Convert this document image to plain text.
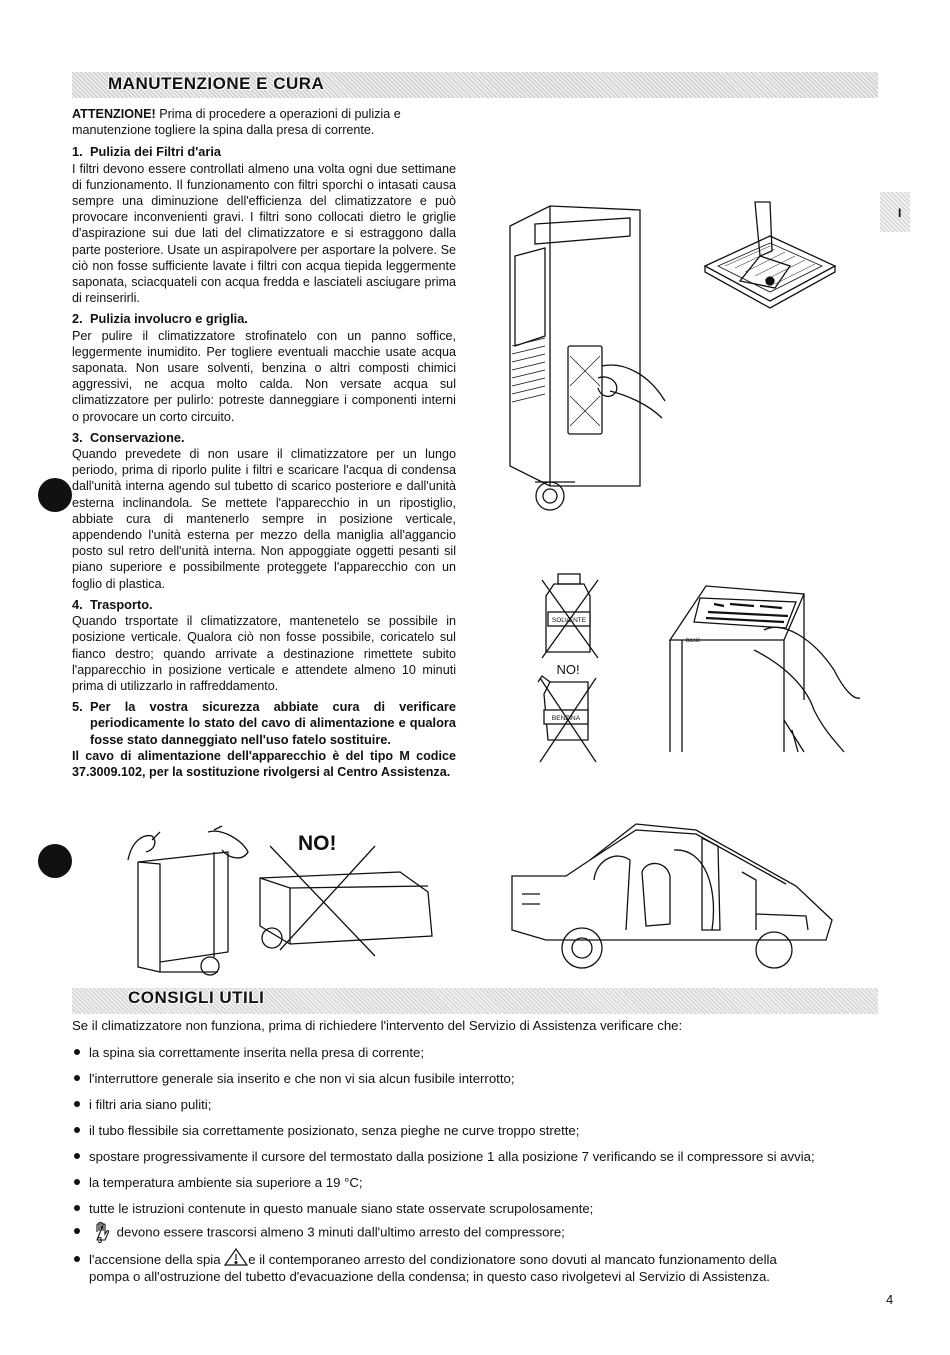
MANUTENZIONE E CURA

ATTENZIONE! Prima di procedere a operazioni di pulizia e manutenzione togliere la spina dalla presa di corrente.

1. Pulizia dei Filtri d'aria

I filtri devono essere controllati almeno una volta ogni due settimane di funzionamento. Il funzionamento con filtri sporchi o intasati causa sempre una diminuzione dell'efficienza del climatizzatore e può provocare inconvenienti gravi. I filtri sono collocati dietro le griglie d'aspirazione sui due lati del climatizzatore e si estraggono dalla parte posteriore. Usate un aspirapolvere per asportare la polvere. Se ciò non fosse sufficiente lavate i filtri con acqua tiepida leggermente saponata, sciacquateli con acqua fredda e lasciateli asciugare prima di reinserirli.

2. Pulizia involucro e griglia.

Per pulire il climatizzatore strofinatelo con un panno soffice, leggermente inumidito. Per togliere eventuali macchie usate acqua saponata. Non usare solventi, benzina o altri composti chimici aggressivi, ne acqua molto calda. Non versate acqua sul climatizzatore per pulirlo: potreste danneggiare i componenti interni o provocare un corto circuito.

3. Conservazione.

Quando prevedete di non usare il climatizzatore per un lungo periodo, prima di riporlo pulite i filtri e scaricare l'acqua di condensa dall'unità interna agendo sul tubetto di scarico posteriore e dall'unità esterna inclinandola. Se mettete l'apparecchio in un ripostiglio, abbiate cura di mantenerlo sempre in posizione verticale, appendendo l'unità esterna per mezzo della maniglia all'aggancio posto sul retro dell'unità interna. Non appoggiate oggetti pesanti sil piano superiore e possibilmente proteggete l'apparecchio con un foglio di plastica.

4. Trasporto.

Quando trsportate il climatizzatore, mantenetelo se possibile in posizione verticale. Qualora ciò non fosse possibile, coricatelo sul fianco destro; quando arrivate a destinazione rimettete subito l'apparecchio in posizione verticale e attendete almeno 10 minuti prima di utilizzarlo in raffreddamento.

5. Per la vostra sicurezza abbiate cura di verificare periodicamente lo stato del cavo di alimentazione e qualora fosse stato danneggiato nell'uso fatelo sostituire.

Il cavo di alimentazione dell'apparecchio è del tipo M codice 37.3009.102, per la sostituzione rivolgersi al Centro Assistenza.

I
SOLVENTE
NO!
BENZINA
basic
NO!
CONSIGLI UTILI
Se il climatizzatore non funziona, prima di richiedere l'intervento del Servizio di Assistenza verificare che:
la spina sia correttamente inserita nella presa di corrente;
l'interruttore generale sia inserito e che non vi sia alcun fusibile interrotto;
i filtri aria siano puliti;
il tubo flessibile sia correttamente posizionato, senza pieghe ne curve troppo strette;
spostare progressivamente il cursore del termostato dalla posizione 1 alla posizione 7 verificando se il compressore si avvia;
la temperatura ambiente sia superiore a 19 °C;
tutte le istruzioni contenute in questo manuale siano state osservate scrupolosamente;

3
devono essere trascorsi almeno 3 minuti dall'ultimo arresto del compressore;
l'accensione della spia
e il contemporaneo arresto del condizionatore sono dovuti al mancato funzionamento della
pompa o all'ostruzione del tubetto d'evacuazione della condensa; in questo caso rivolgetevi al Servizio di Assistenza.
4
